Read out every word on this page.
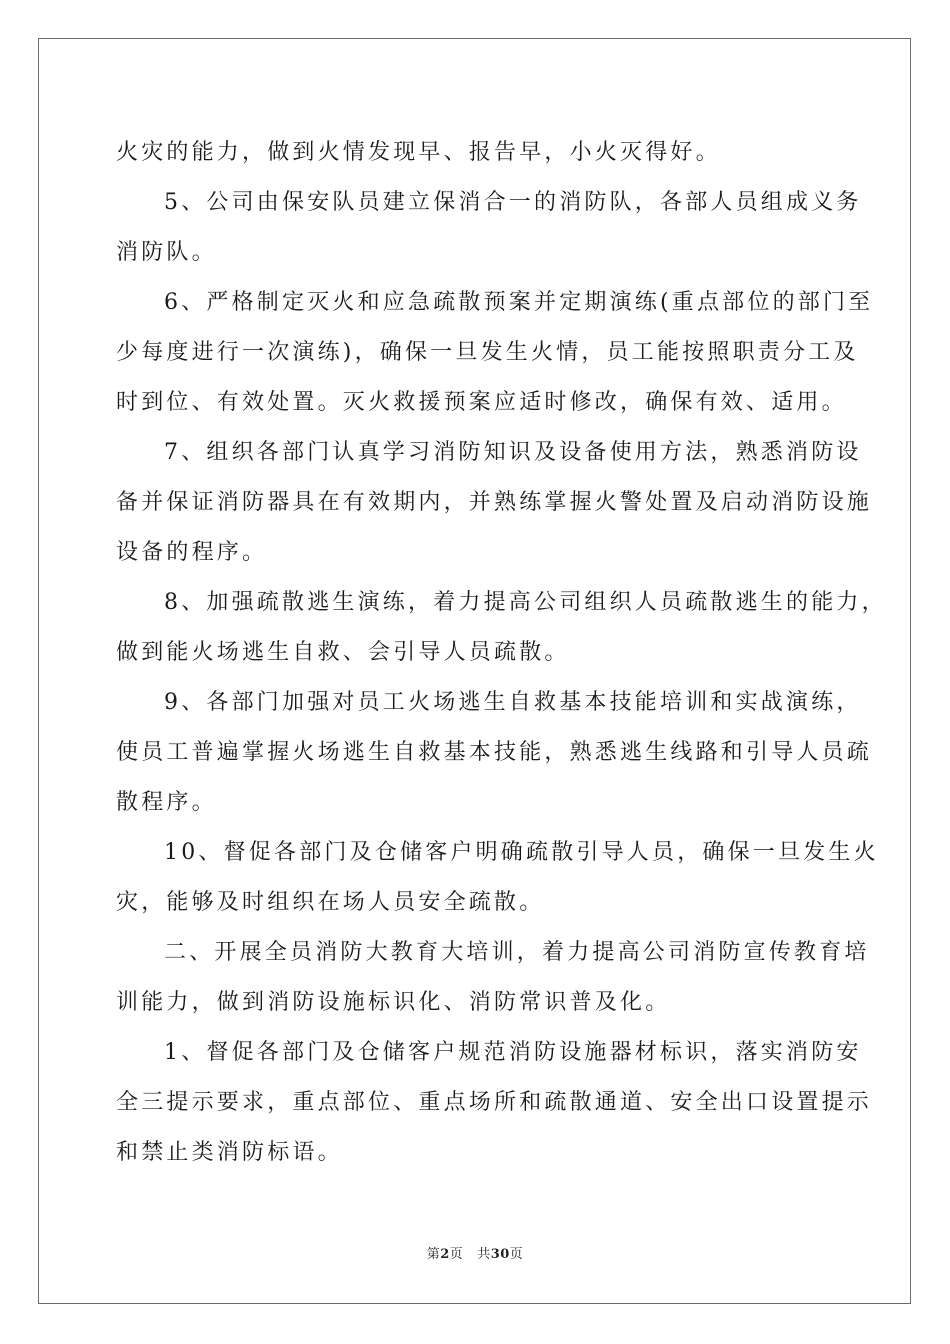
火灾的能力，做到火情发现早、报告早，小火灭得好。
5、公司由保安队员建立保消合一的消防队，各部人员组成义务
消防队。
6、严格制定灭火和应急疏散预案并定期演练(重点部位的部门至
少每度进行一次演练)，确保一旦发生火情，员工能按照职责分工及
时到位、有效处置。灭火救援预案应适时修改，确保有效、适用。
7、组织各部门认真学习消防知识及设备使用方法，熟悉消防设
备并保证消防器具在有效期内，并熟练掌握火警处置及启动消防设施
设备的程序。
8、加强疏散逃生演练，着力提高公司组织人员疏散逃生的能力，
做到能火场逃生自救、会引导人员疏散。
9、各部门加强对员工火场逃生自救基本技能培训和实战演练，
使员工普遍掌握火场逃生自救基本技能，熟悉逃生线路和引导人员疏
散程序。
10、督促各部门及仓储客户明确疏散引导人员，确保一旦发生火
灾，能够及时组织在场人员安全疏散。
二、开展全员消防大教育大培训，着力提高公司消防宣传教育培
训能力，做到消防设施标识化、消防常识普及化。
1、督促各部门及仓储客户规范消防设施器材标识，落实消防安
全三提示要求，重点部位、重点场所和疏散通道、安全出口设置提示
和禁止类消防标语。
第2页 共30页
